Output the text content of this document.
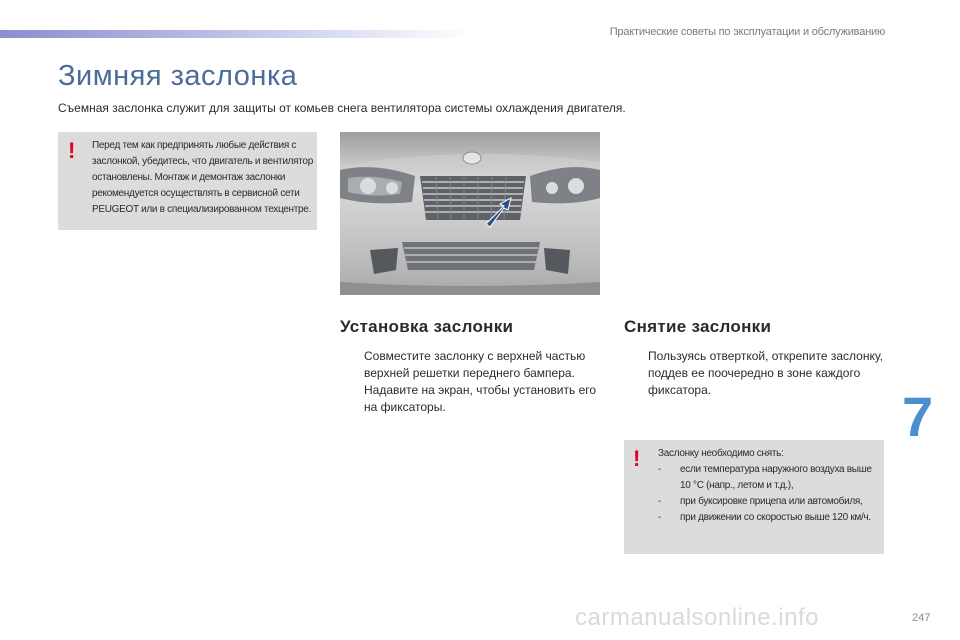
Практические советы по эксплуатации и обслуживанию
Зимняя заслонка

Съемная заслонка служит для защиты от комьев снега вентилятора системы охлаждения двигателя.

! Перед тем как предпринять любые действия с
заслонкой, убедитесь, что двигатель и вентилятор
остановлены. Монтаж и демонтаж заслонки
рекомендуется осуществлять в сервисной сети
PEUGEOT или в специализированном техцентре.
Установка заслонки
Совместите заслонку с верхней частью верхней решетки переднего бампера.
Надавите на экран, чтобы установить его на фиксаторы.
Снятие заслонки
Пользуясь отверткой, открепите заслонку, поддев ее поочередно в зоне каждого фиксатора.
! Заслонку необходимо снять:
- если температура наружного воздуха выше 10 °C (напр., летом и т.д.),
- при буксировке прицепа или автомобиля,
- при движении со скоростью выше 120 км/ч.
7
carmanualsonline.info	247
